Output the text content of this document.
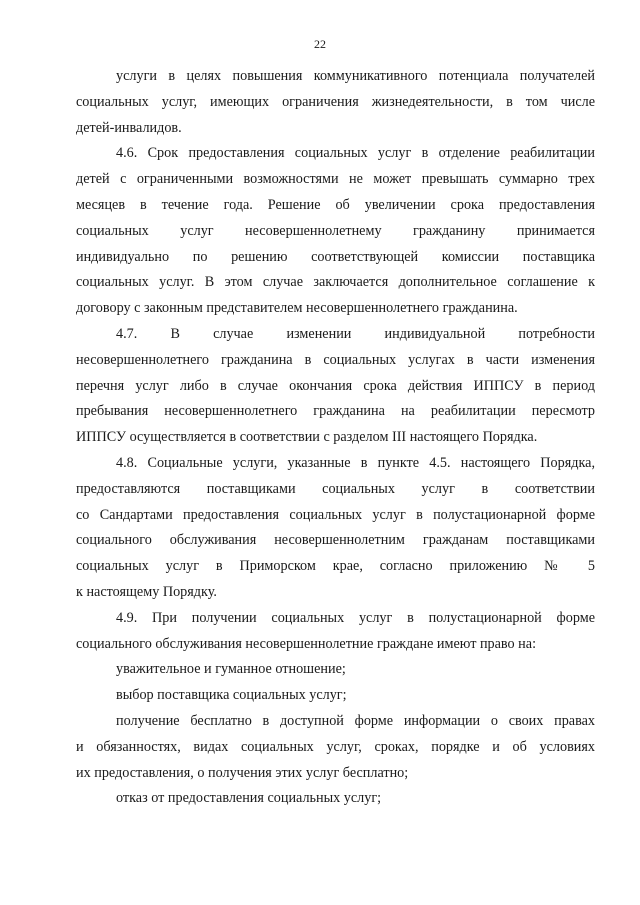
22
услуги в целях повышения коммуникативного потенциала получателей
социальных услуг, имеющих ограничения жизнедеятельности, в том числе
детей-инвалидов.
4.6. Срок предоставления социальных услуг в отделение реабилитации
детей с ограниченными возможностями не может превышать суммарно трех
месяцев в течение года. Решение об увеличении срока предоставления
социальных услуг несовершеннолетнему гражданину принимается
индивидуально по решению соответствующей комиссии поставщика
социальных услуг. В этом случае заключается дополнительное соглашение к
договору с законным представителем несовершеннолетнего гражданина.
4.7. В случае изменении индивидуальной потребности
несовершеннолетнего гражданина в социальных услугах в части изменения
перечня услуг либо в случае окончания срока действия ИППСУ в период
пребывания несовершеннолетнего гражданина на реабилитации пересмотр
ИППСУ осуществляется в соответствии с разделом III настоящего Порядка.
4.8. Социальные услуги, указанные в пункте 4.5. настоящего Порядка,
предоставляются поставщиками социальных услуг в соответствии
со Сандартами предоставления социальных услуг в полустационарной форме
социального обслуживания несовершеннолетним гражданам поставщиками
социальных услуг в Приморском крае, согласно приложению № 5
к настоящему Порядку.
4.9. При получении социальных услуг в полустационарной форме
социального обслуживания несовершеннолетние граждане имеют право на:
уважительное и гуманное отношение;
выбор поставщика социальных услуг;
получение бесплатно в доступной форме информации о своих правах
и обязанностях, видах социальных услуг, сроках, порядке и об условиях
их предоставления, о получения этих услуг бесплатно;
отказ от предоставления социальных услуг;
